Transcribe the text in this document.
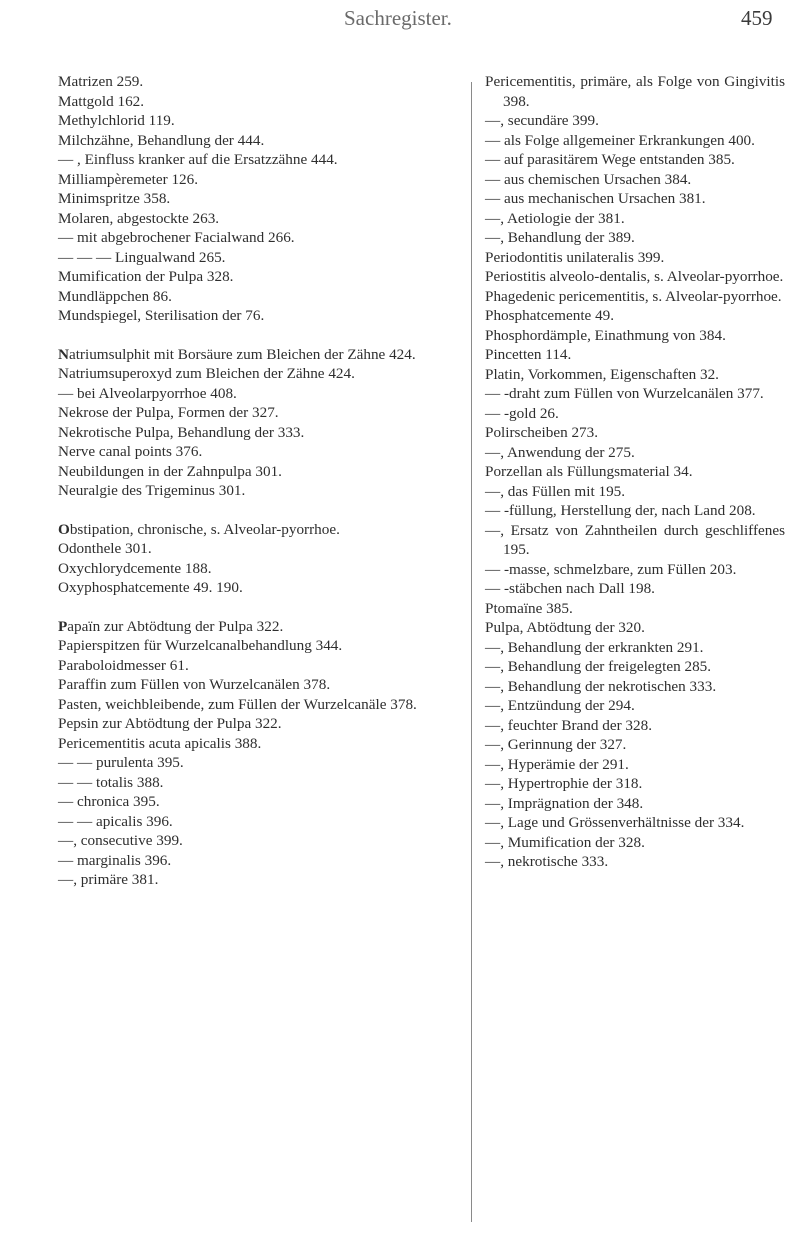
Sachregister.	459

Matrizen 259.

Mattgold 162.

Methylchlorid 119.

Milchzähne, Behandlung der 444.

— , Einfluss kranker auf die Ersatzzähne 444.

Milliampèremeter 126.

Minimspritze 358.

Molaren, abgestockte 263.

— mit abgebrochener Facialwand 266.

— — — Lingualwand 265.

Mumification der Pulpa 328.

Mundläppchen 86.

Mundspiegel, Sterilisation der 76.

Natriumsulphit mit Borsäure zum Bleichen der Zähne 424.

Natriumsuperoxyd zum Bleichen der Zähne 424.

— bei Alveolarpyorrhoe 408.

Nekrose der Pulpa, Formen der 327.

Nekrotische Pulpa, Behandlung der 333.

Nerve canal points 376.

Neubildungen in der Zahnpulpa 301.

Neuralgie des Trigeminus 301.

Obstipation, chronische, s. Alveolar-pyorrhoe.

Odonthele 301.

Oxychlorydcemente 188.

Oxyphosphatcemente 49. 190.

Papaïn zur Abtödtung der Pulpa 322.

Papierspitzen für Wurzelcanalbehandlung 344.

Paraboloidmesser 61.

Paraffin zum Füllen von Wurzelcanälen 378.

Pasten, weichbleibende, zum Füllen der Wurzelcanäle 378.

Pepsin zur Abtödtung der Pulpa 322.

Pericementitis acuta apicalis 388.

— — purulenta 395.

— — totalis 388.

— chronica 395.

— — apicalis 396.

—, consecutive 399.

— marginalis 396.

—, primäre 381.

Pericementitis, primäre, als Folge von Gingivitis 398.

—, secundäre 399.

— als Folge allgemeiner Erkrankungen 400.

— auf parasitärem Wege entstanden 385.

— aus chemischen Ursachen 384.

— aus mechanischen Ursachen 381.

—, Aetiologie der 381.

—, Behandlung der 389.

Periodontitis unilateralis 399.

Periostitis alveolo-dentalis, s. Alveolar-pyorrhoe.

Phagedenic pericementitis, s. Alveolar-pyorrhoe.

Phosphatcemente 49.

Phosphordämple, Einathmung von 384.

Pincetten 114.

Platin, Vorkommen, Eigenschaften 32.

— -draht zum Füllen von Wurzelcanälen 377.

— -gold 26.

Polirscheiben 273.

—, Anwendung der 275.

Porzellan als Füllungsmaterial 34.

—, das Füllen mit 195.

— -füllung, Herstellung der, nach Land 208.

—, Ersatz von Zahntheilen durch geschliffenes 195.

— -masse, schmelzbare, zum Füllen 203.

— -stäbchen nach Dall 198.

Ptomaïne 385.

Pulpa, Abtödtung der 320.

—, Behandlung der erkrankten 291.

—, Behandlung der freigelegten 285.

—, Behandlung der nekrotischen 333.

—, Entzündung der 294.

—, feuchter Brand der 328.

—, Gerinnung der 327.

—, Hyperämie der 291.

—, Hypertrophie der 318.

—, Imprägnation der 348.

—, Lage und Grössenverhältnisse der 334.

—, Mumification der 328.

—, nekrotische 333.
